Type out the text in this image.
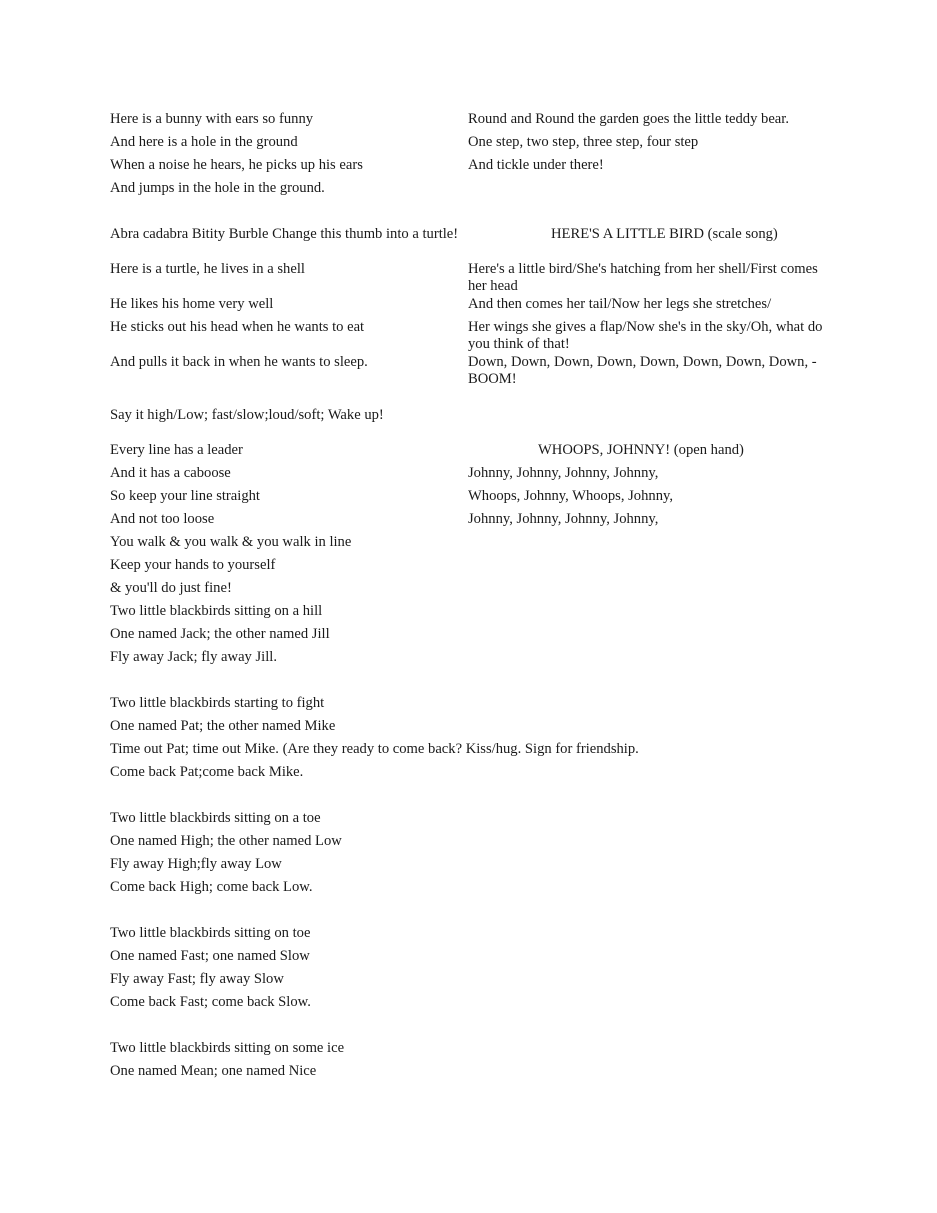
Here is a bunny with ears so funny
And here is a hole in the ground
When a noise he hears, he picks up his ears
And jumps in the hole in the ground.
Round and Round the garden goes the little teddy bear.
One step, two step, three step, four step
And tickle under there!
Abra cadabra Bitity Burble Change this thumb into a turtle!	HERE'S A LITTLE BIRD (scale song)
Here is a turtle, he lives in a shell
He likes his home very well
He sticks out his head when he wants to eat
And pulls it back in when he wants to sleep.
Here's a little bird/She's hatching from her shell/First comes her head
And then comes her tail/Now her legs she stretches/
Her wings she gives a flap/Now she's in the sky/Oh, what do you think of that!
Down, Down, Down, Down, Down, Down, Down, Down, - BOOM!
Say it high/Low; fast/slow;loud/soft; Wake up!
Every line has a leader
And it has a caboose
So keep your line straight
And not too loose
You walk & you walk & you walk in line
Keep your hands to yourself
& you'll do just fine!
Two little blackbirds sitting on a hill
One named Jack; the other named Jill
Fly away Jack; fly away Jill.
WHOOPS, JOHNNY! (open hand)
Johnny, Johnny, Johnny, Johnny,
Whoops, Johnny, Whoops, Johnny,
Johnny, Johnny, Johnny, Johnny,
Two little blackbirds starting to fight
One named Pat; the other named Mike
Time out Pat; time out Mike. (Are they ready to come back? Kiss/hug. Sign for friendship.
Come back Pat;come back Mike.
Two little blackbirds sitting on a toe
One named High; the other named Low
Fly away High;fly away Low
Come back High; come back Low.
Two little blackbirds sitting on toe
One named Fast; one named Slow
Fly away Fast; fly away Slow
Come back Fast; come back Slow.
Two little blackbirds sitting on some ice
One named Mean; one named Nice
